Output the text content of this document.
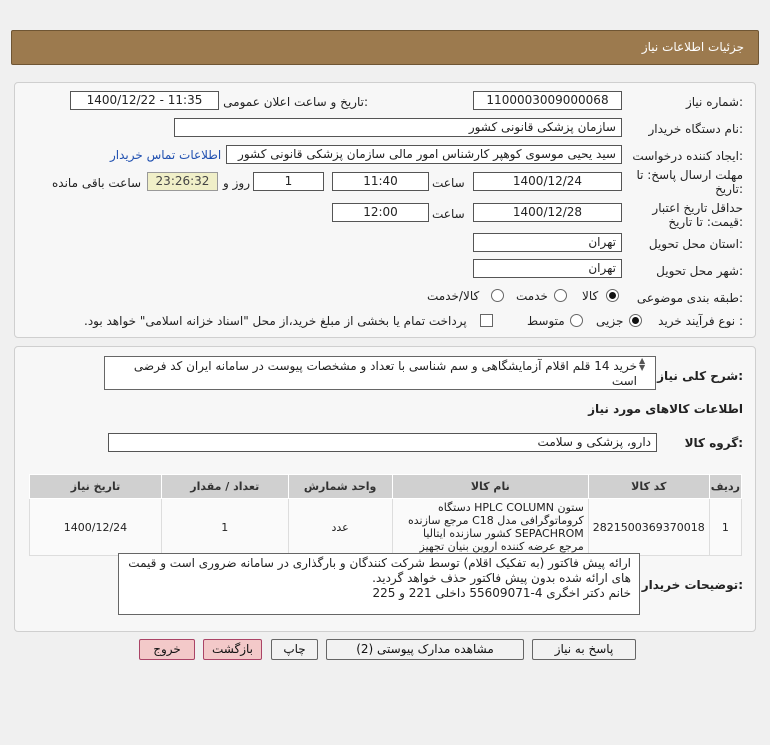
جزئیات اطلاعات نیاز
شماره نیاز:
1100003009000068
تاریخ و ساعت اعلان عمومی:
1400/12/22 - 11:35
نام دستگاه خریدار:
سازمان پزشکی قانونی کشور
ایجاد کننده درخواست:
سید یحیی موسوی کوهپر کارشناس امور مالی سازمان پزشکی قانونی کشور
اطلاعات تماس خریدار
مهلت ارسال پاسخ: تا
تاریخ:
1400/12/24
ساعت
11:40
1
روز و
23:26:32
ساعت باقی مانده
حداقل تاریخ اعتبار
قیمت: تا تاریخ:
1400/12/28
ساعت
12:00
استان محل تحویل:
تهران
شهر محل تحویل:
تهران
طبقه بندی موضوعی:
کالا
خدمت
کالا/خدمت
نوع فرآیند خرید :
جزیی
متوسط
پرداخت تمام یا بخشی از مبلغ خرید،از محل "اسناد خزانه اسلامی" خواهد بود.
شرح کلی نیاز:
خرید 14 قلم اقلام آزمایشگاهی و سم شناسی با تعداد و مشخصات پیوست در سامانه ایران کد فرضی است
▲
▼
اطلاعات کالاهای مورد نیاز
گروه کالا:
دارو، پزشکی و سلامت
ردیف	کد کالا	نام کالا	واحد شمارش	تعداد / مقدار	تاریخ نیاز
1	2821500369370018	ستون HPLC COLUMN دستگاه کروماتوگرافی مدل C18 مرجع سازنده SEPACHROM کشور سازنده ایتالیا مرجع عرضه کننده اروین بنیان تجهیز	عدد	1	1400/12/24
توضیحات خریدار:
ارائه پیش فاکتور (به تفکیک اقلام) توسط شرکت کنندگان و بارگذاری در سامانه ضروری است و قیمت
های ارائه شده بدون پیش فاکتور حذف خواهد گردید.
خانم دکتر اخگری 4-55609071 داخلی 221 و 225
پاسخ به نیاز
مشاهده مدارک پیوستی (2)
چاپ
بازگشت
خروج
